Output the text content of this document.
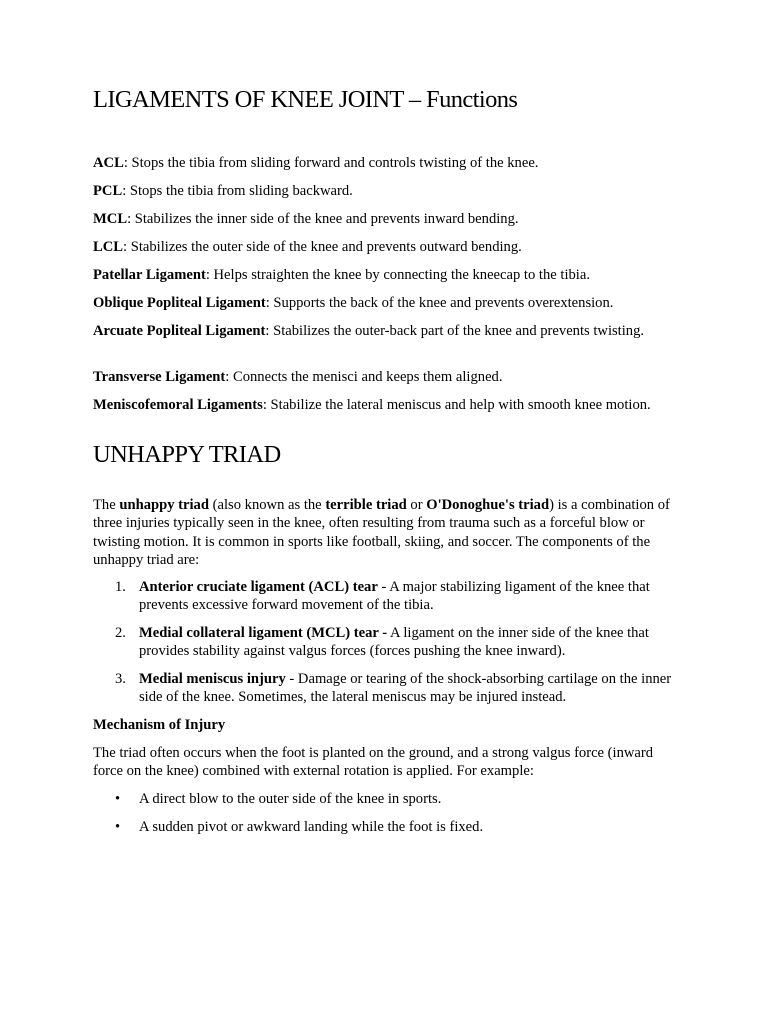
LIGAMENTS OF KNEE JOINT – Functions

ACL: Stops the tibia from sliding forward and controls twisting of the knee.

PCL: Stops the tibia from sliding backward.

MCL: Stabilizes the inner side of the knee and prevents inward bending.

LCL: Stabilizes the outer side of the knee and prevents outward bending.

Patellar Ligament: Helps straighten the knee by connecting the kneecap to the tibia.

Oblique Popliteal Ligament: Supports the back of the knee and prevents overextension.

Arcuate Popliteal Ligament: Stabilizes the outer-back part of the knee and prevents twisting.

Transverse Ligament: Connects the menisci and keeps them aligned.

Meniscofemoral Ligaments: Stabilize the lateral meniscus and help with smooth knee motion.

UNHAPPY TRIAD

The unhappy triad (also known as the terrible triad or O'Donoghue's triad) is a combination of three injuries typically seen in the knee, often resulting from trauma such as a forceful blow or twisting motion. It is common in sports like football, skiing, and soccer. The components of the unhappy triad are:

1. Anterior cruciate ligament (ACL) tear - A major stabilizing ligament of the knee that prevents excessive forward movement of the tibia.
2. Medial collateral ligament (MCL) tear - A ligament on the inner side of the knee that provides stability against valgus forces (forces pushing the knee inward).
3. Medial meniscus injury - Damage or tearing of the shock-absorbing cartilage on the inner side of the knee. Sometimes, the lateral meniscus may be injured instead.

Mechanism of Injury

The triad often occurs when the foot is planted on the ground, and a strong valgus force (inward force on the knee) combined with external rotation is applied. For example:

• A direct blow to the outer side of the knee in sports.
• A sudden pivot or awkward landing while the foot is fixed.
